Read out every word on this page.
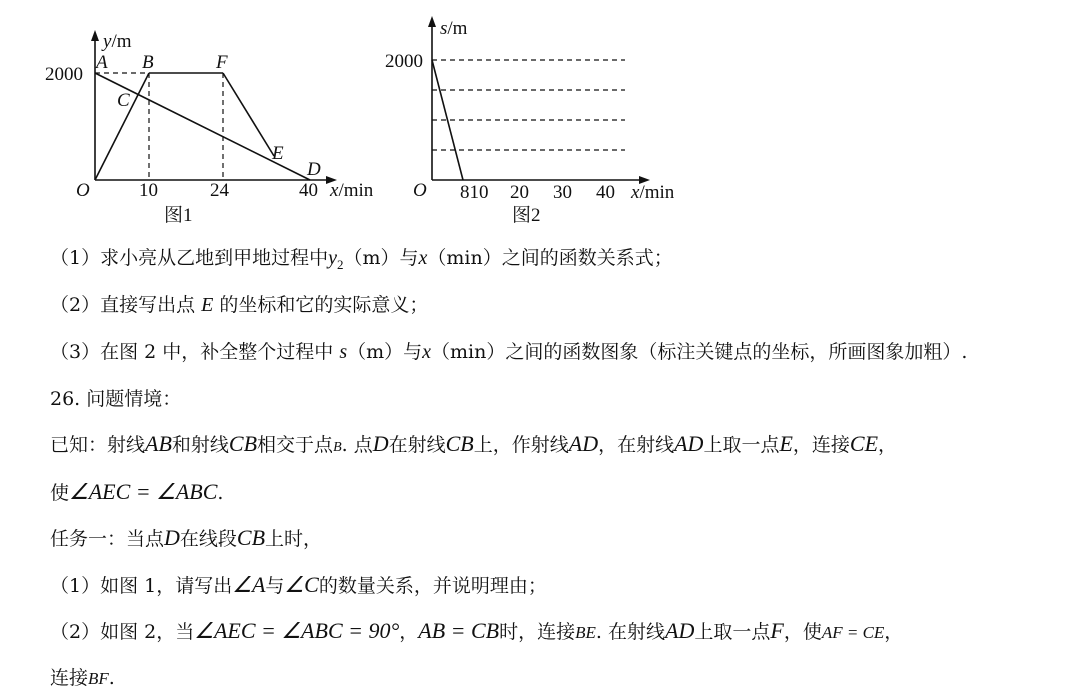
y/m
2000
O	10	24	40 x/min
A B
C
F
E
D
图1
s/m
2000
O 810 20 30 40 x/min
图2
（1）求小亮从乙地到甲地过程中$y_2(m)$与x（min）之间的函数关系式；
（2）直接写出点 E 的坐标和它的实际意义；
（3）在图 2 中，补全整个过程中 s（m）与x（min）之间的函数图象（标注关键点的坐标，所画图象加粗）.
26. 问题情境：
已知：射线AB和射线CB相交于点B. 点D在射线CB上，作射线AD，在射线AD上取一点E，连接CE，
使∠AEC = ∠ABC.
任务一：当点D在线段CB上时，
（1）如图 1，请写出∠A与∠C的数量关系，并说明理由；
（2）如图 2，当∠AEC = ∠ABC = 90°，AB = CB时，连接BE. 在射线AD上取一点F，使AF = CE，
连接BF.
